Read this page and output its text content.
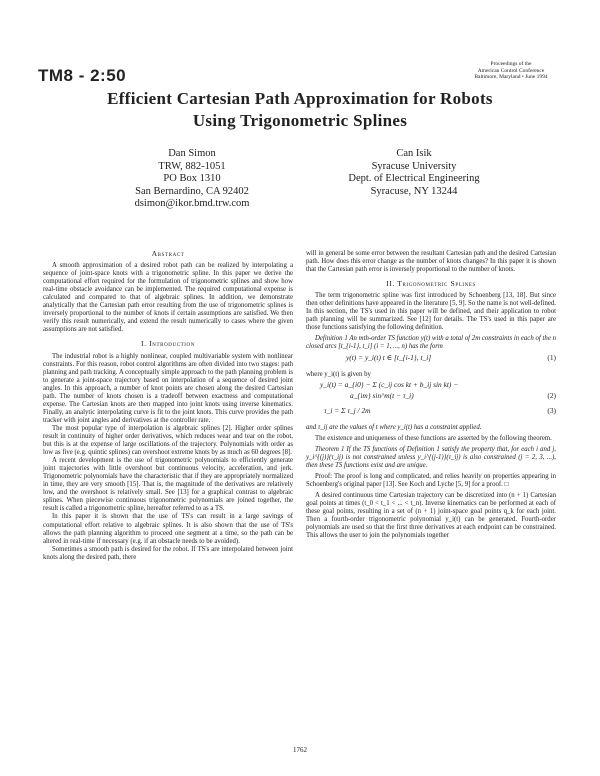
TM8 - 2:50
Proceedings of the
American Control Conference
Baltimore, Maryland • June 1994
Efficient Cartesian Path Approximation for Robots
Using Trigonometric Splines
Dan Simon
TRW, 882-1051
PO Box 1310
San Bernardino, CA 92402
dsimon@ikor.bmd.trw.com
Can Isik
Syracuse University
Dept. of Electrical Engineering
Syracuse, NY 13244
Abstract

A smooth approximation of a desired robot path can be realized by interpolating a sequence of joint-space knots with a trigonometric spline. In this paper we derive the computational effort required for the formulation of trigonometric splines and show how real-time obstacle avoidance can be implemented. The required computational expense is calculated and compared to that of algebraic splines. In addition, we demonstrate analytically that the Cartesian path error resulting from the use of trigonometric splines is inversely proportional to the number of knots if certain assumptions are satisfied. We then verify this result numerically, and extend the result numerically to cases where the given assumptions are not satisfied.

I. Introduction

The industrial robot is a highly nonlinear, coupled multivariable system with nonlinear constraints. For this reason, robot control algorithms are often divided into two stages: path planning and path tracking. A conceptually simple approach to the path planning problem is to generate a joint-space trajectory based on interpolation of a sequence of desired joint angles. In this approach, a number of knot points are chosen along the desired Cartesian path. The number of knots chosen is a tradeoff between exactness and computational expense. The Cartesian knots are then mapped into joint knots using inverse kinematics. Finally, an analytic interpolating curve is fit to the joint knots. This curve provides the path tracker with joint angles and derivatives at the controller rate.

The most popular type of interpolation is algebraic splines [2]. Higher order splines result in continuity of higher order derivatives, which reduces wear and tear on the robot, but this is at the expense of large oscillations of the trajectory. Polynomials with order as low as five (e.g. quintic splines) can overshoot extreme knots by as much as 60 degrees [8].

A recent development is the use of trigonometric polynomials to efficiently generate joint trajectories with little overshoot but continuous velocity, acceleration, and jerk. Trigonometric polynomials have the characteristic that if they are appropriately normalized in time, they are very smooth [15]. That is, the magnitude of the derivatives are relatively low, and the overshoot is relatively small. See [13] for a graphical contrast to algebraic splines. When piecewise continuous trigonometric polynomials are joined together, the result is called a trigonometric spline, hereafter referred to as a TS.

In this paper it is shown that the use of TS's can result in a large savings of computational effort relative to algebraic splines. It is also shown that the use of TS's allows the path planning algorithm to proceed one segment at a time, so the path can be altered in real-time if necessary (e.g. if an obstacle needs to be avoided).

Sometimes a smooth path is desired for the robot. If TS's are interpolated between joint knots along the desired path, there

will in general be some error between the resultant Cartesian path and the desired Cartesian path. How does this error change as the number of knots changes? In this paper it is shown that the Cartesian path error is inversely proportional to the number of knots.

II. Trigonometric Splines

The term trigonometric spline was first introduced by Schoenberg [13, 18]. But since then other definitions have appeared in the literature [5, 9]. So the name is not well-defined. In this section, the TS's used in this paper will be defined, and their application to robot path planning will be summarized. See [12] for details. The TS's used in this paper are those functions satisfying the following definition.

Definition 1 An mth-order TS function y(t) with a total of 2m constraints in each of the n closed arcs [t_{i-1}, t_i] (i = 1, ..., n) has the form

y(t) = y_i(t) t ∈ [t_{i-1}, t_i]	(1)

where y_i(t) is given by

y_i(t) = a_{i0} − Σ (c_ij cos kt + b_ij sin kt) −
a_{im} sin^m(t − τ_i)	(2)
τ_i = Σ τ_j / 2m	(3)

and τ_ij are the values of t where y_i(t) has a constraint applied.

The existence and uniqueness of these functions are asserted by the following theorem.

Theorem 1 If the TS functions of Definition 1 satisfy the property that, for each i and j, y_i^{(j)}(τ_ij) is not constrained unless y_i^{(j-1)}(τ_ij) is also constrained (j = 2, 3, ...), then these TS functions exist and are unique.

Proof: The proof is long and complicated, and relies heavily on properties appearing in Schoenberg's original paper [13]. See Koch and Lyche [5, 9] for a proof. □

A desired continuous time Cartesian trajectory can be discretized into (n + 1) Cartesian goal points at times (t_0 < t_1 < ... < t_n). Inverse kinematics can be performed at each of these goal points, resulting in a set of (n + 1) joint-space goal points q_k for each joint. Then a fourth-order trigonometric polynomial y_i(t) can be generated. Fourth-order polynomials are used so that the first three derivatives at each endpoint can be constrained. This allows the user to join the polynomials together

1762
